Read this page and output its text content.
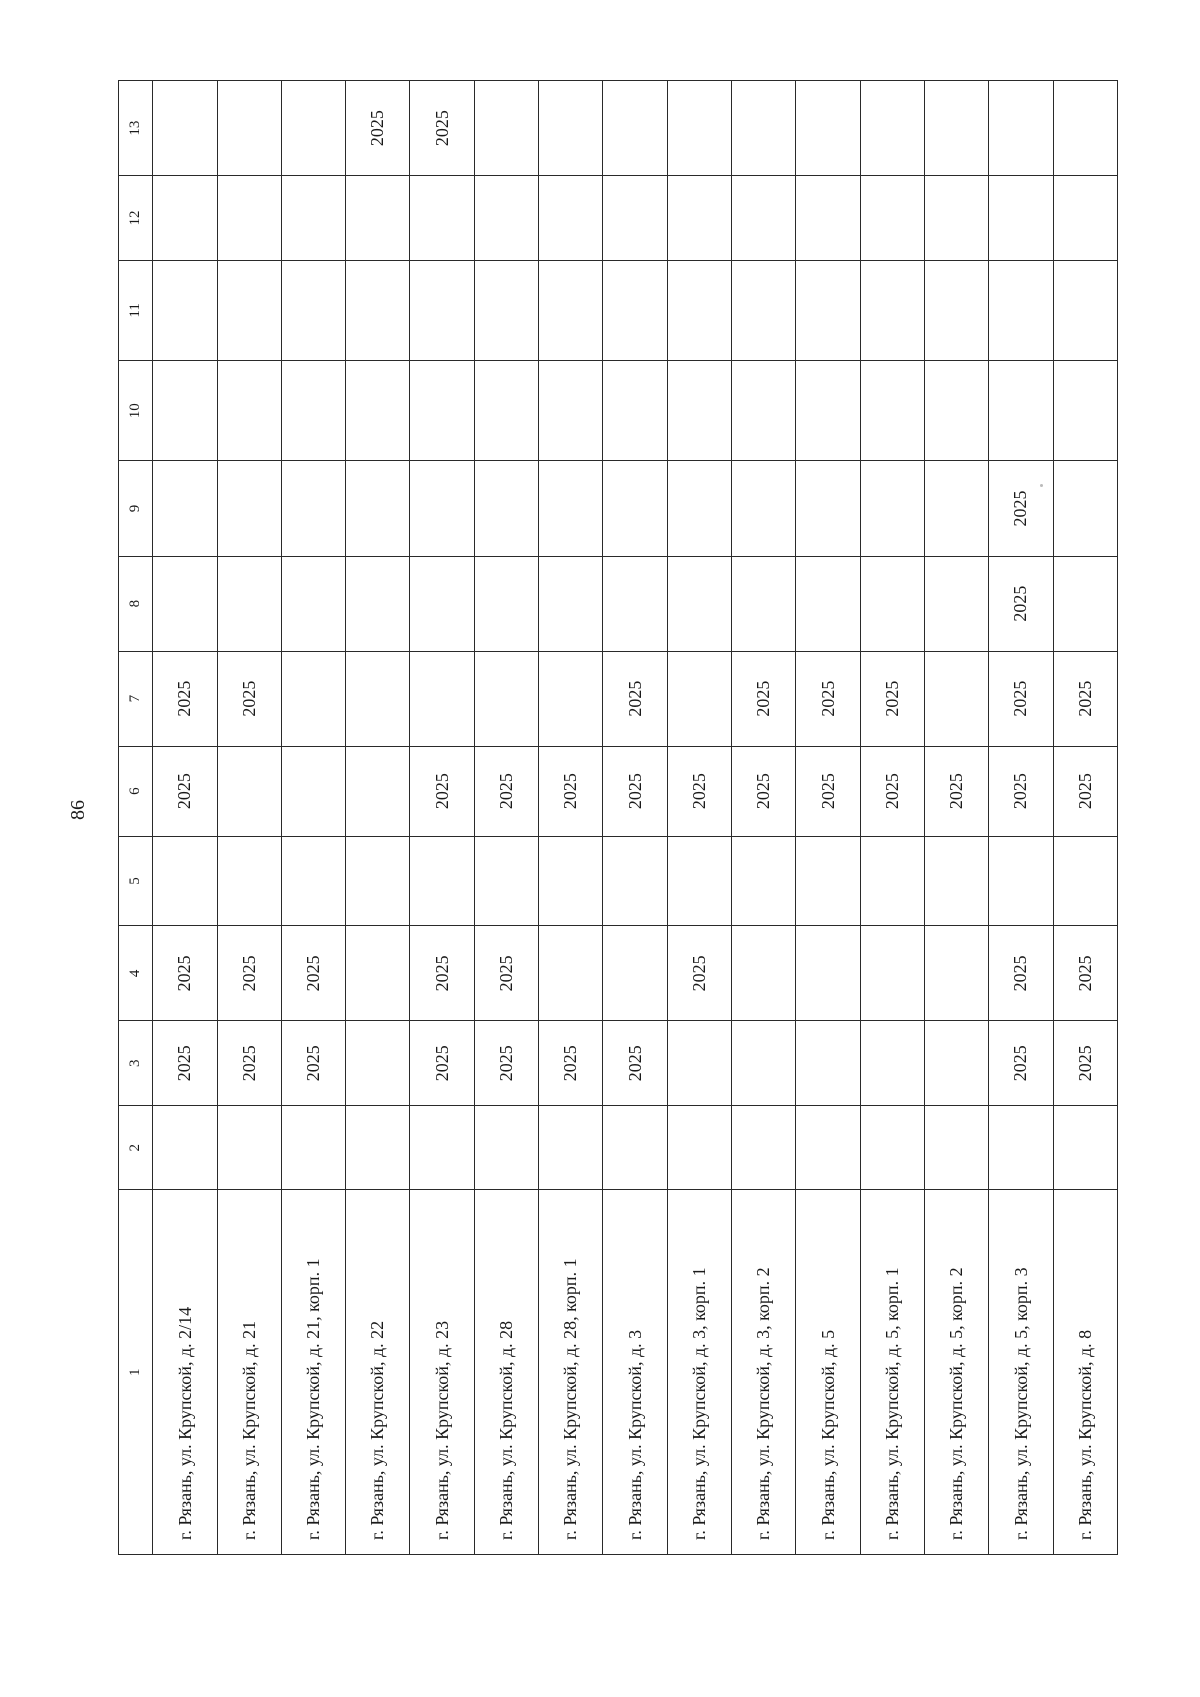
86
1	2	3	4	5	6	7	8	9	10	11	12	13
г. Рязань, ул. Крупской, д. 2/14		2025	2025		2025	2025						
г. Рязань, ул. Крупской, д. 21		2025	2025			2025						
г. Рязань, ул. Крупской, д. 21, корп. 1		2025	2025									
г. Рязань, ул. Крупской, д. 22												2025
г. Рязань, ул. Крупской, д. 23		2025	2025		2025							2025
г. Рязань, ул. Крупской, д. 28		2025	2025		2025							
г. Рязань, ул. Крупской, д. 28, корп. 1		2025			2025							
г. Рязань, ул. Крупской, д. 3		2025			2025	2025						
г. Рязань, ул. Крупской, д. 3, корп. 1			2025		2025							
г. Рязань, ул. Крупской, д. 3, корп. 2					2025	2025						
г. Рязань, ул. Крупской, д. 5					2025	2025						
г. Рязань, ул. Крупской, д. 5, корп. 1					2025	2025						
г. Рязань, ул. Крупской, д. 5, корп. 2					2025							
г. Рязань, ул. Крупской, д. 5, корп. 3		2025	2025		2025	2025	2025	2025				
г. Рязань, ул. Крупской, д. 8		2025	2025		2025	2025						
